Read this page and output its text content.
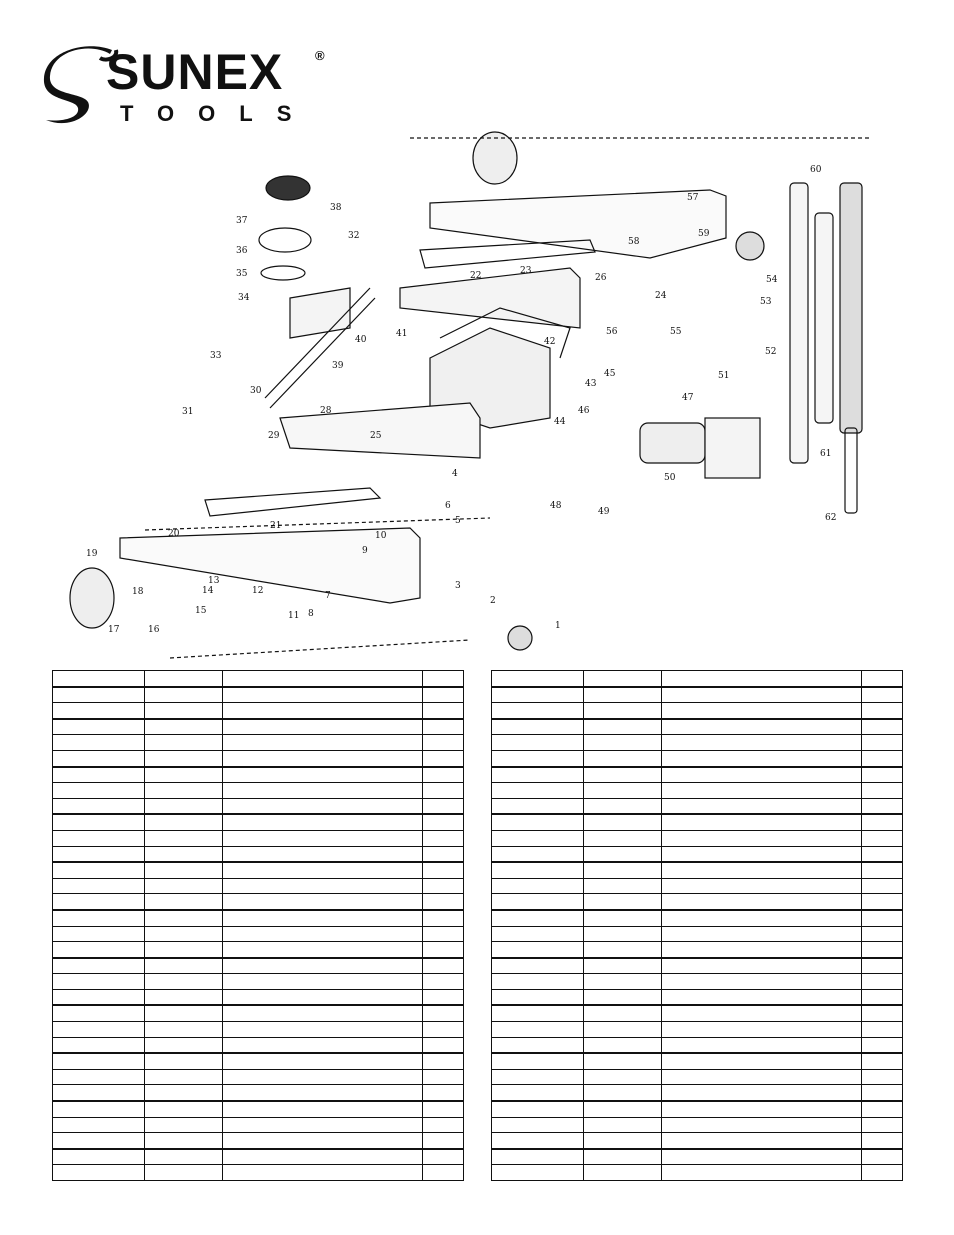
SUNEX ®
TOOLS
1
2
3
4
5
6
7
8
9
10
11
12
13
14
15
16
17
18
19
20
21
22	23
24
25
26
28
29
30
31
32
33
34
35
36
37
38
39
40
41
42
43
44
45
46
47
48
49
50
51
52
53
54
55
56
57
58
59
60
61
62
